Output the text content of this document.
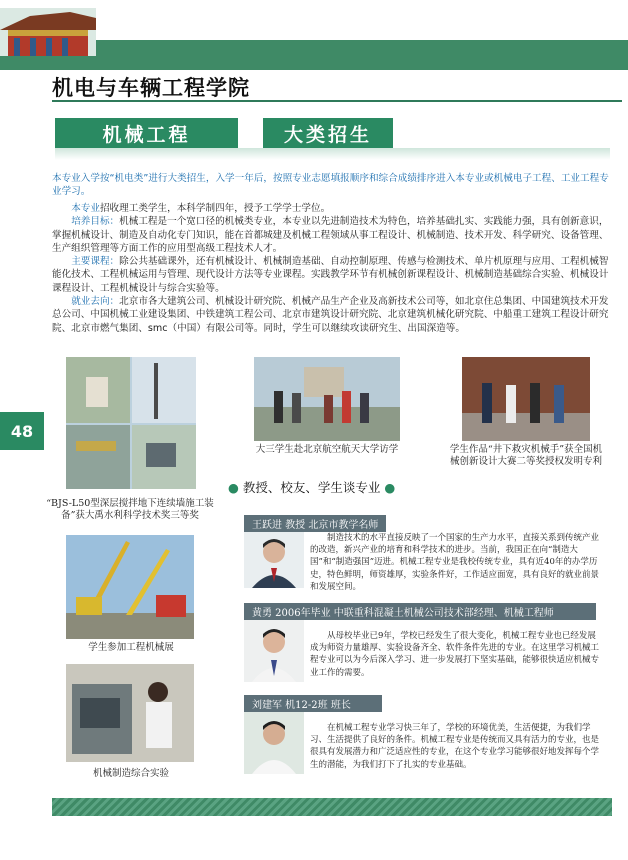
机电与车辆工程学院
机械工程	大类招生
本专业入学按“机电类”进行大类招生，入学一年后，按照专业志愿填报顺序和综合成绩排序进入本专业或机械电子工程、工业工程专业学习。
本专业招收理工类学生，本科学制四年，授予工学学士学位。
培养目标：机械工程是一个宽口径的机械类专业，本专业以先进制造技术为特色，培养基础扎实、实践能力强，具有创新意识，掌握机械设计、制造及自动化专门知识，能在首都城建及机械工程领域从事工程设计、机械制造、技术开发、科学研究、设备管理、生产组织管理等方面工作的应用型高级工程技术人才。
主要课程：除公共基础课外，还有机械设计、机械制造基础、自动控制原理、传感与检测技术、单片机原理与应用、工程机械智能化技术、工程机械运用与管理、现代设计方法等专业课程。实践教学环节有机械创新课程设计、机械制造基础综合实验、机械设计课程设计、工程机械设计与综合实验等。
就业去向：北京市各大建筑公司、机械设计研究院、机械产品生产企业及高新技术公司等，如北京住总集团、中国建筑技术开发总公司、中国机械工业建设集团、中铁建筑工程公司、北京市建筑设计研究院、北京建筑机械化研究院、中船重工建筑工程设计研究院、北京市燃气集团、smc（中国）有限公司等。同时，学生可以继续攻读研究生、出国深造等。
48
“BJS-L50型深层搅拌地下连续墙施工装备”获大禹水利科学技术奖三等奖
大三学生赴北京航空航天大学访学	学生作品“井下救灾机械手”获全国机械创新设计大赛二等奖授权发明专利
● 教授、校友、学生谈专业 ●
学生参加工程机械展
机械制造综合实验
王跃进 教授 北京市教学名师
制造技术的水平直接反映了一个国家的生产力水平，直接关系到传统产业的改造，新兴产业的培育和科学技术的进步。当前，我国正在向“制造大国”和“制造强国”迈进。机械工程专业是我校传统专业，具有近40年的办学历史，特色鲜明，师资雄厚，实验条件好，工作适应面宽，具有良好的就业前景和发展空间。
黄勇 2006年毕业 中联重科混凝土机械公司技术部经理、机械工程师
从母校毕业已9年，学校已经发生了很大变化，机械工程专业也已经发展成为师资力量雄厚、实验设备齐全、软件条件先进的专业。在这里学习机械工程专业可以为今后深入学习、进一步发展打下坚实基础，能够很快适应机械专业工作的需要。
刘建军 机12-2班 班长
在机械工程专业学习快三年了，学校的环境优美，生活便捷，为我们学习、生活提供了良好的条件。机械工程专业是传统而又具有活力的专业，也是很具有发展潜力和广泛适应性的专业，在这个专业学习能够很好地发挥每个学生的潜能，为我们打下了扎实的专业基础。
